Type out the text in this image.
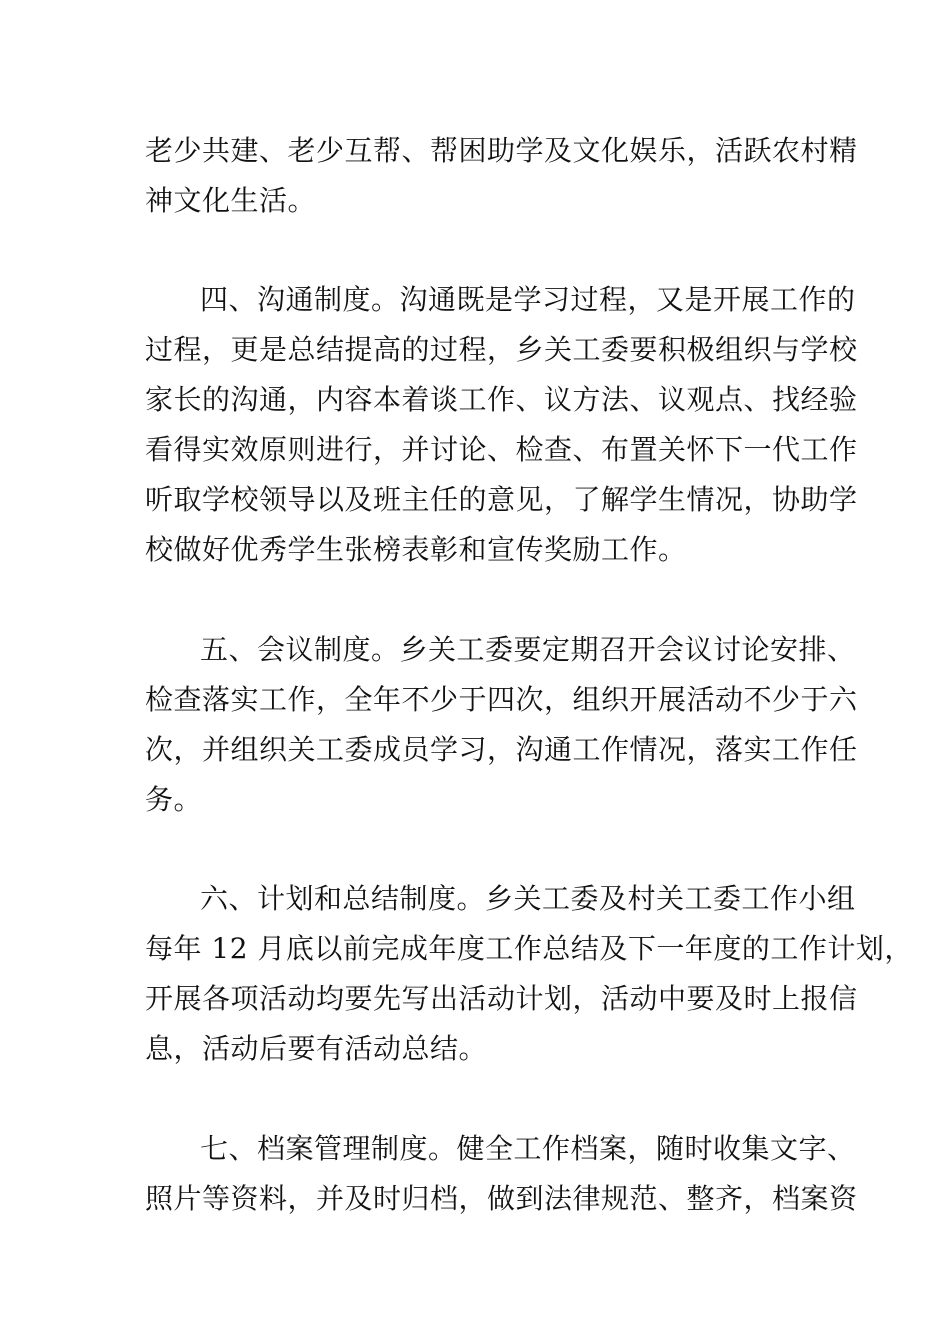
老少共建、老少互帮、帮困助学及文化娱乐，活跃农村精

神文化生活。

四、沟通制度。沟通既是学习过程，又是开展工作的

过程，更是总结提高的过程，乡关工委要积极组织与学校

家长的沟通，内容本着谈工作、议方法、议观点、找经验

看得实效原则进行，并讨论、检查、布置关怀下一代工作

听取学校领导以及班主任的意见，了解学生情况，协助学

校做好优秀学生张榜表彰和宣传奖励工作。

五、会议制度。乡关工委要定期召开会议讨论安排、

检查落实工作，全年不少于四次，组织开展活动不少于六

次，并组织关工委成员学习，沟通工作情况，落实工作任

务。

六、计划和总结制度。乡关工委及村关工委工作小组

每年 12 月底以前完成年度工作总结及下一年度的工作计划，

开展各项活动均要先写出活动计划，活动中要及时上报信

息，活动后要有活动总结。

七、档案管理制度。健全工作档案，随时收集文字、

照片等资料，并及时归档，做到法律规范、整齐，档案资
